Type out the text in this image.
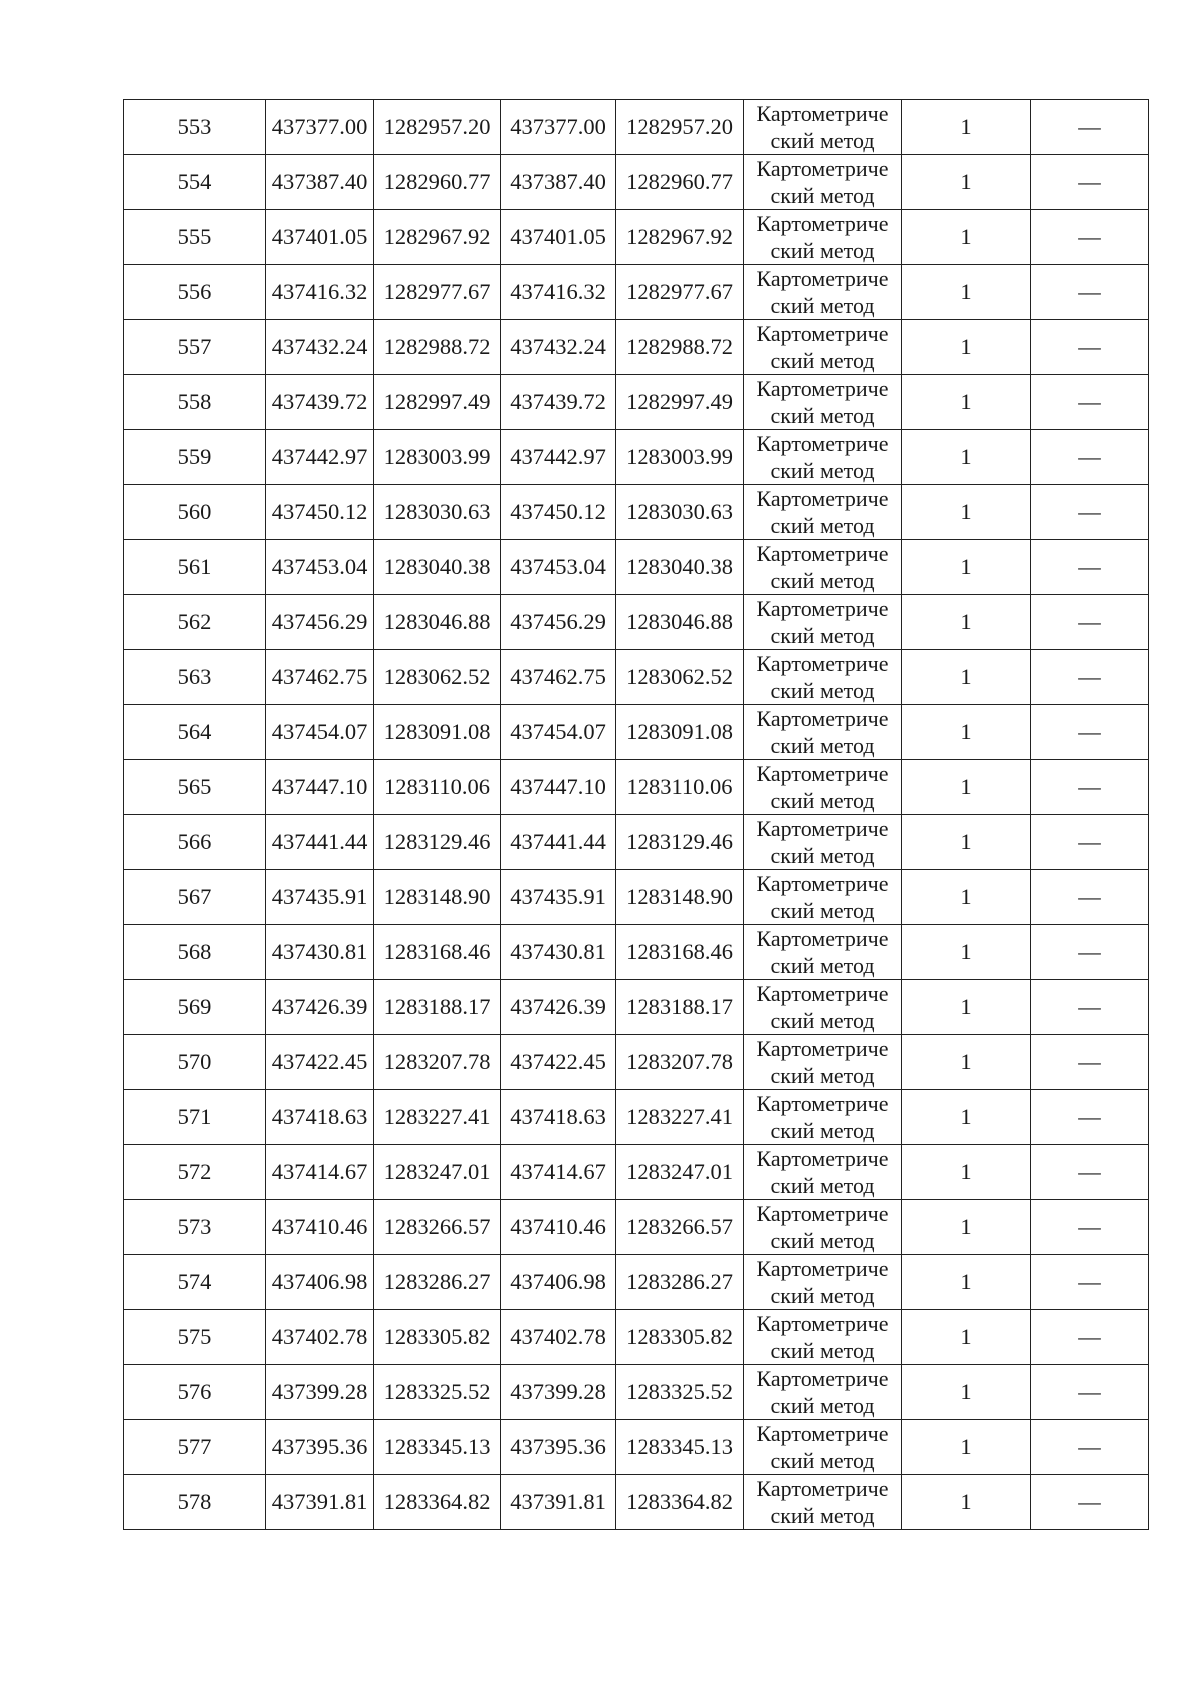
553	437377.00	1282957.20	437377.00	1282957.20	Картометриче
ский метод	1	—
554	437387.40	1282960.77	437387.40	1282960.77	Картометриче
ский метод	1	—
555	437401.05	1282967.92	437401.05	1282967.92	Картометриче
ский метод	1	—
556	437416.32	1282977.67	437416.32	1282977.67	Картометриче
ский метод	1	—
557	437432.24	1282988.72	437432.24	1282988.72	Картометриче
ский метод	1	—
558	437439.72	1282997.49	437439.72	1282997.49	Картометриче
ский метод	1	—
559	437442.97	1283003.99	437442.97	1283003.99	Картометриче
ский метод	1	—
560	437450.12	1283030.63	437450.12	1283030.63	Картометриче
ский метод	1	—
561	437453.04	1283040.38	437453.04	1283040.38	Картометриче
ский метод	1	—
562	437456.29	1283046.88	437456.29	1283046.88	Картометриче
ский метод	1	—
563	437462.75	1283062.52	437462.75	1283062.52	Картометриче
ский метод	1	—
564	437454.07	1283091.08	437454.07	1283091.08	Картометриче
ский метод	1	—
565	437447.10	1283110.06	437447.10	1283110.06	Картометриче
ский метод	1	—
566	437441.44	1283129.46	437441.44	1283129.46	Картометриче
ский метод	1	—
567	437435.91	1283148.90	437435.91	1283148.90	Картометриче
ский метод	1	—
568	437430.81	1283168.46	437430.81	1283168.46	Картометриче
ский метод	1	—
569	437426.39	1283188.17	437426.39	1283188.17	Картометриче
ский метод	1	—
570	437422.45	1283207.78	437422.45	1283207.78	Картометриче
ский метод	1	—
571	437418.63	1283227.41	437418.63	1283227.41	Картометриче
ский метод	1	—
572	437414.67	1283247.01	437414.67	1283247.01	Картометриче
ский метод	1	—
573	437410.46	1283266.57	437410.46	1283266.57	Картометриче
ский метод	1	—
574	437406.98	1283286.27	437406.98	1283286.27	Картометриче
ский метод	1	—
575	437402.78	1283305.82	437402.78	1283305.82	Картометриче
ский метод	1	—
576	437399.28	1283325.52	437399.28	1283325.52	Картометриче
ский метод	1	—
577	437395.36	1283345.13	437395.36	1283345.13	Картометриче
ский метод	1	—
578	437391.81	1283364.82	437391.81	1283364.82	Картометриче
ский метод	1	—
